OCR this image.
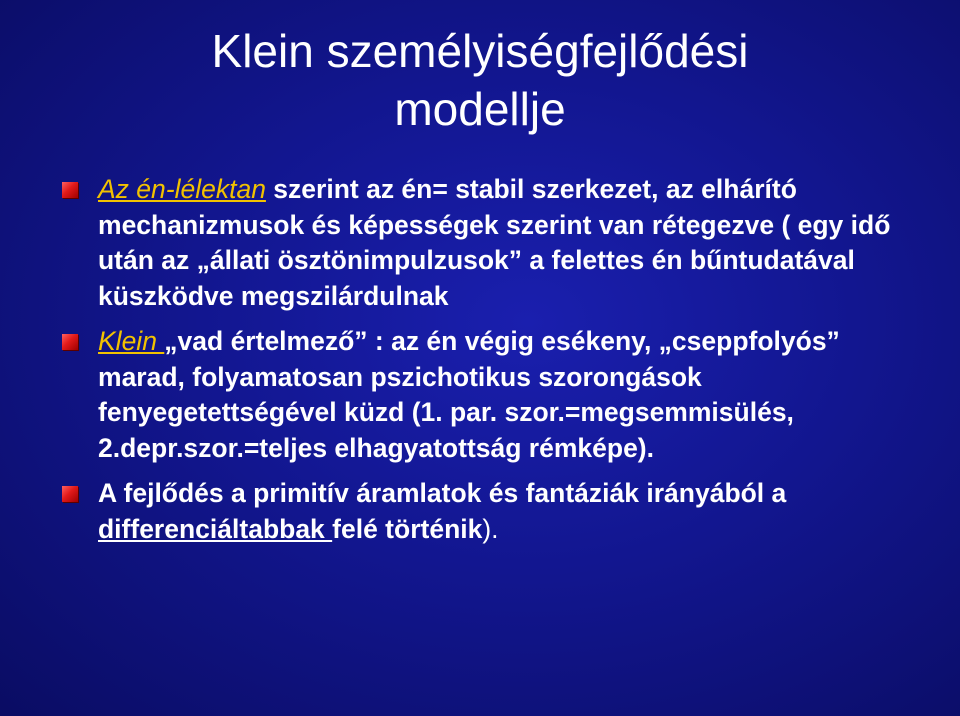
Klein személyiségfejlődési
modellje
Az én-lélektan szerint az én= stabil szerkezet, az elhárító mechanizmusok és képességek szerint van rétegezve ( egy idő után az „állati ösztönimpulzusok” a felettes én bűntudatával küszködve megszilárdulnak
Klein „vad értelmező” : az én végig esékeny, „cseppfolyós” marad, folyamatosan pszichotikus szorongások fenyegetettségével küzd (1. par. szor.=megsemmisülés, 2.depr.szor.=teljes elhagyatottság rémképe).
A fejlődés a primitív áramlatok és fantáziák irányából a differenciáltabbak felé történik).
